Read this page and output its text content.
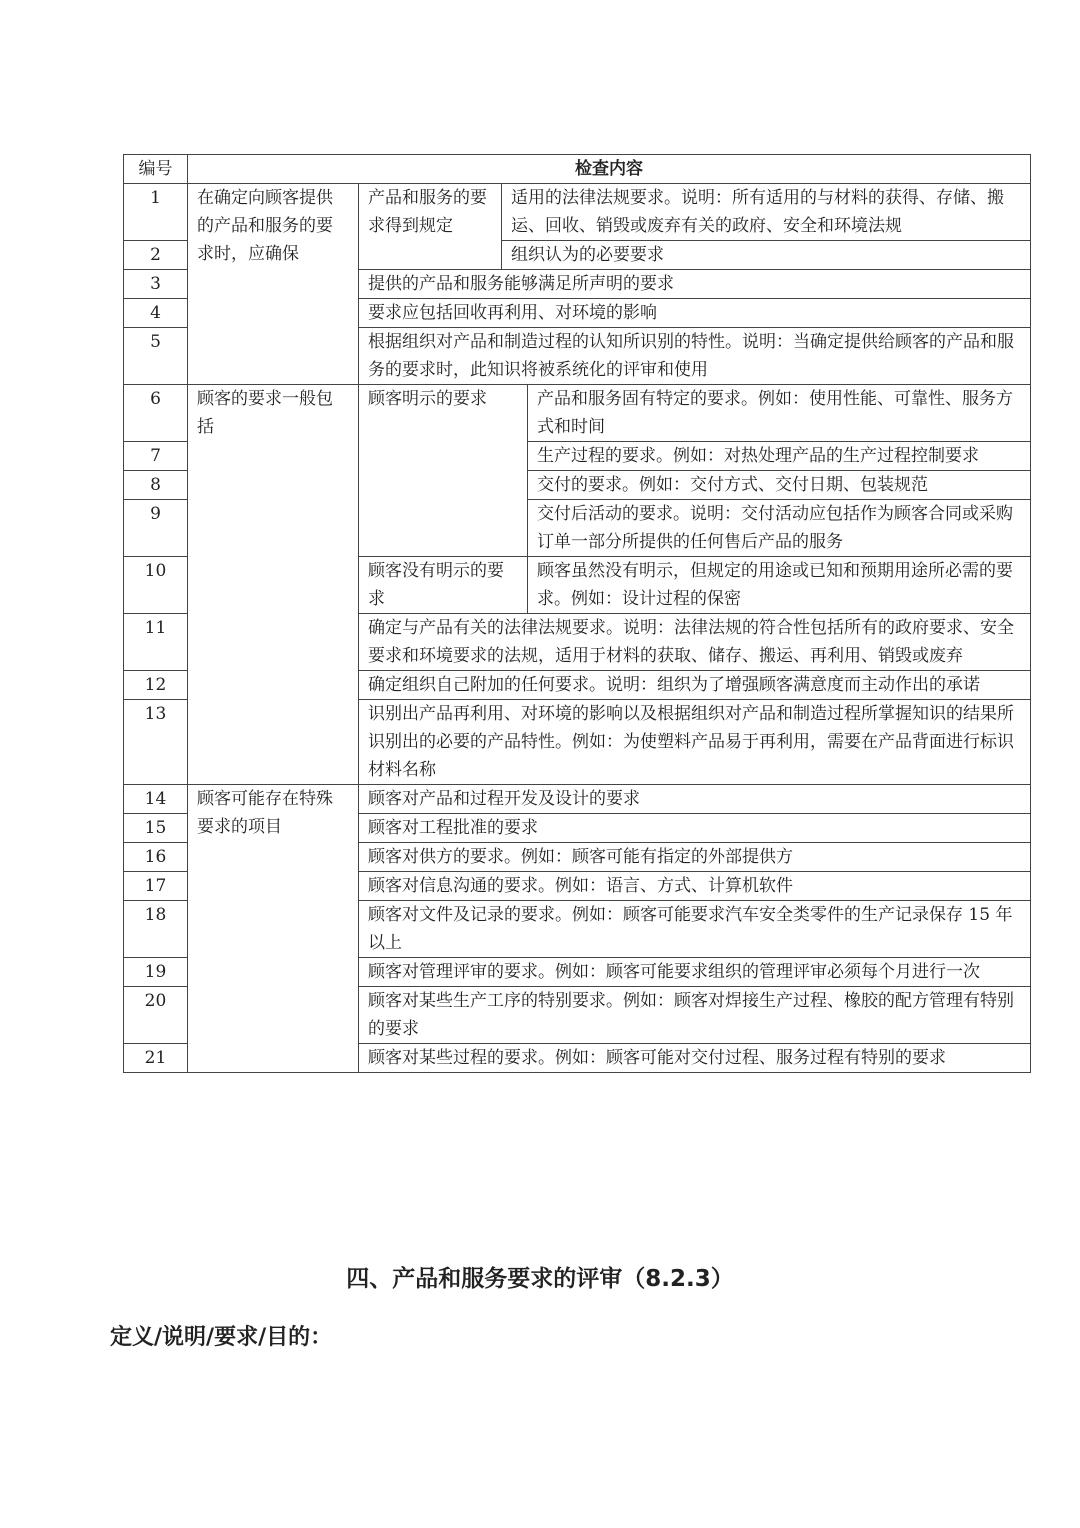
编号	检查内容			
1	在确定向顾客提供的产品和服务的要求时，应确保	产品和服务的要求得到规定	适用的法律法规要求。说明：所有适用的与材料的获得、存储、搬运、回收、销毁或废弃有关的政府、安全和环境法规	
2			组织认为的必要要求	
3		提供的产品和服务能够满足所声明的要求		
4		要求应包括回收再利用、对环境的影响		
5		根据组织对产品和制造过程的认知所识别的特性。说明：当确定提供给顾客的产品和服务的要求时，此知识将被系统化的评审和使用		
6	顾客的要求一般包括	顾客明示的要求		产品和服务固有特定的要求。例如：使用性能、可靠性、服务方式和时间
7				生产过程的要求。例如：对热处理产品的生产过程控制要求
8				交付的要求。例如：交付方式、交付日期、包装规范
9				交付后活动的要求。说明：交付活动应包括作为顾客合同或采购订单一部分所提供的任何售后产品的服务
10		顾客没有明示的要求		顾客虽然没有明示，但规定的用途或已知和预期用途所必需的要求。例如：设计过程的保密
11		确定与产品有关的法律法规要求。说明：法律法规的符合性包括所有的政府要求、安全要求和环境要求的法规，适用于材料的获取、储存、搬运、再利用、销毁或废弃		
12		确定组织自己附加的任何要求。说明：组织为了增强顾客满意度而主动作出的承诺		
13		识别出产品再利用、对环境的影响以及根据组织对产品和制造过程所掌握知识的结果所识别出的必要的产品特性。例如：为使塑料产品易于再利用，需要在产品背面进行标识材料名称		
14	顾客可能存在特殊要求的项目	顾客对产品和过程开发及设计的要求		
15		顾客对工程批准的要求		
16		顾客对供方的要求。例如：顾客可能有指定的外部提供方		
17		顾客对信息沟通的要求。例如：语言、方式、计算机软件		
18		顾客对文件及记录的要求。例如：顾客可能要求汽车安全类零件的生产记录保存 15 年以上		
19		顾客对管理评审的要求。例如：顾客可能要求组织的管理评审必须每个月进行一次		
20		顾客对某些生产工序的特别要求。例如：顾客对焊接生产过程、橡胶的配方管理有特别的要求		
21		顾客对某些过程的要求。例如：顾客可能对交付过程、服务过程有特别的要求		
四、产品和服务要求的评审（8.2.3）

定义/说明/要求/目的：
